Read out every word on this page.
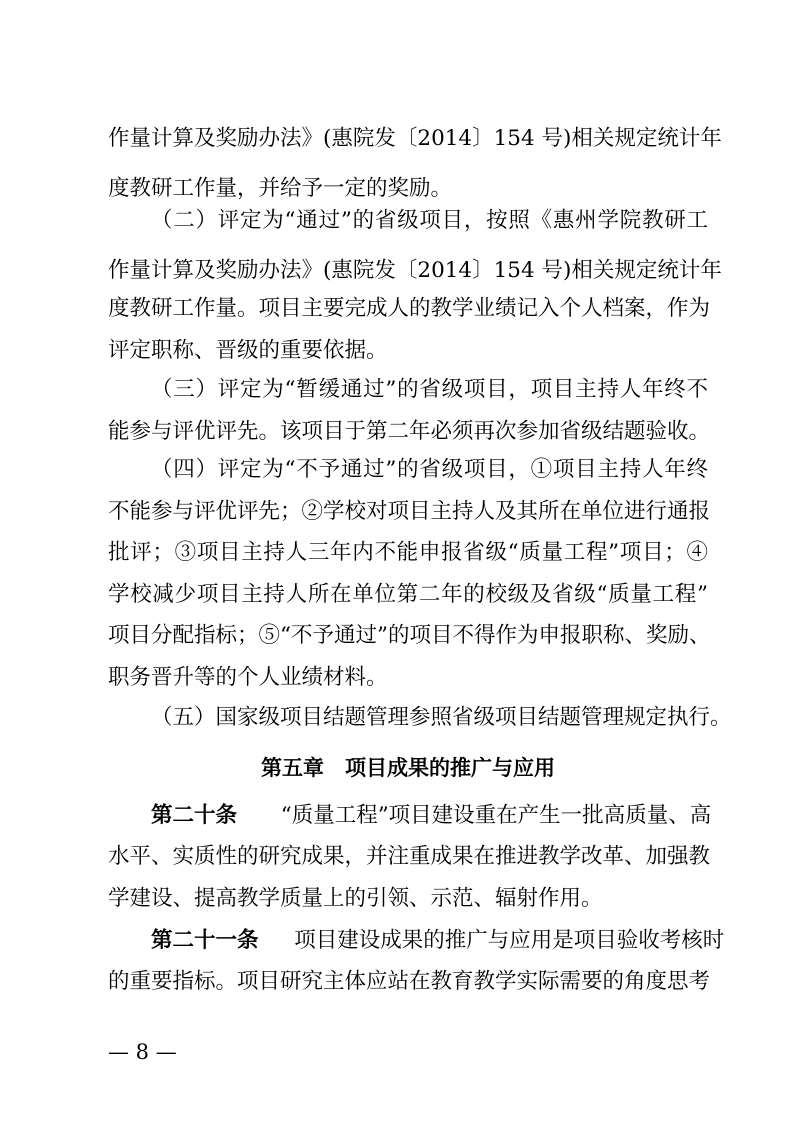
作量计算及奖励办法》(惠院发〔2014〕154 号)相关规定统计年

度教研工作量，并给予一定的奖励。

（二）评定为“通过”的省级项目，按照《惠州学院教研工

作量计算及奖励办法》(惠院发〔2014〕154 号)相关规定统计年

度教研工作量。项目主要完成人的教学业绩记入个人档案，作为

评定职称、晋级的重要依据。

（三）评定为“暂缓通过”的省级项目，项目主持人年终不

能参与评优评先。该项目于第二年必须再次参加省级结题验收。

（四）评定为“不予通过”的省级项目，①项目主持人年终

不能参与评优评先；②学校对项目主持人及其所在单位进行通报

批评；③项目主持人三年内不能申报省级“质量工程”项目；④

学校减少项目主持人所在单位第二年的校级及省级“质量工程”

项目分配指标；⑤“不予通过”的项目不得作为申报职称、奖励、

职务晋升等的个人业绩材料。

（五）国家级项目结题管理参照省级项目结题管理规定执行。

第五章　项目成果的推广与应用

第二十条 “质量工程”项目建设重在产生一批高质量、高

水平、实质性的研究成果，并注重成果在推进教学改革、加强教

学建设、提高教学质量上的引领、示范、辐射作用。

第二十一条 项目建设成果的推广与应用是项目验收考核时

的重要指标。项目研究主体应站在教育教学实际需要的角度思考

— 8 —
